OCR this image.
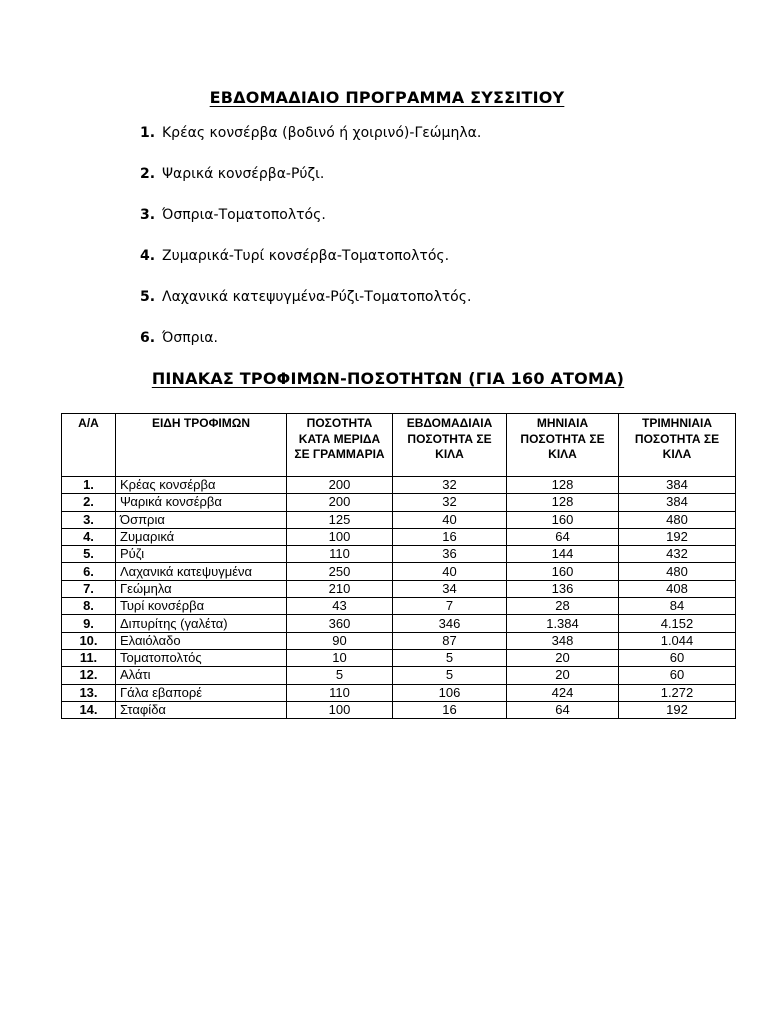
ΕΒΔΟΜΑΔΙΑΙΟ ΠΡΟΓΡΑΜΜΑ ΣΥΣΣΙΤΙΟΥ
1. Κρέας κονσέρβα (βοδινό ή χοιρινό)-Γεώμηλα.
2. Ψαρικά κονσέρβα-Ρύζι.
3. Όσπρια-Τοματοπολτός.
4. Ζυμαρικά-Τυρί κονσέρβα-Τοματοπολτός.
5. Λαχανικά κατεψυγμένα-Ρύζι-Τοματοπολτός.
6. Όσπρια.
ΠΙΝΑΚΑΣ ΤΡΟΦΙΜΩΝ-ΠΟΣΟΤΗΤΩΝ (ΓΙΑ 160 ΑΤΟΜΑ)
Α/Α	ΕΙΔΗ ΤΡΟΦΙΜΩΝ	ΠΟΣΟΤΗΤΑ ΚΑΤΑ ΜΕΡΙΔΑ ΣΕ ΓΡΑΜΜΑΡΙΑ	ΕΒΔΟΜΑΔΙΑΙΑ ΠΟΣΟΤΗΤΑ ΣΕ ΚΙΛΑ	ΜΗΝΙΑΙΑ ΠΟΣΟΤΗΤΑ ΣΕ ΚΙΛΑ	ΤΡΙΜΗΝΙΑΙΑ ΠΟΣΟΤΗΤΑ ΣΕ ΚΙΛΑ
1.	Κρέας κονσέρβα	200	32	128	384
2.	Ψαρικά κονσέρβα	200	32	128	384
3.	Όσπρια	125	40	160	480
4.	Ζυμαρικά	100	16	64	192
5.	Ρύζι	110	36	144	432
6.	Λαχανικά κατεψυγμένα	250	40	160	480
7.	Γεώμηλα	210	34	136	408
8.	Τυρί κονσέρβα	43	7	28	84
9.	Διπυρίτης (γαλέτα)	360	346	1.384	4.152
10.	Ελαιόλαδο	90	87	348	1.044
11.	Τοματοπολτός	10	5	20	60
12.	Αλάτι	5	5	20	60
13.	Γάλα εβαπορέ	110	106	424	1.272
14.	Σταφίδα	100	16	64	192
